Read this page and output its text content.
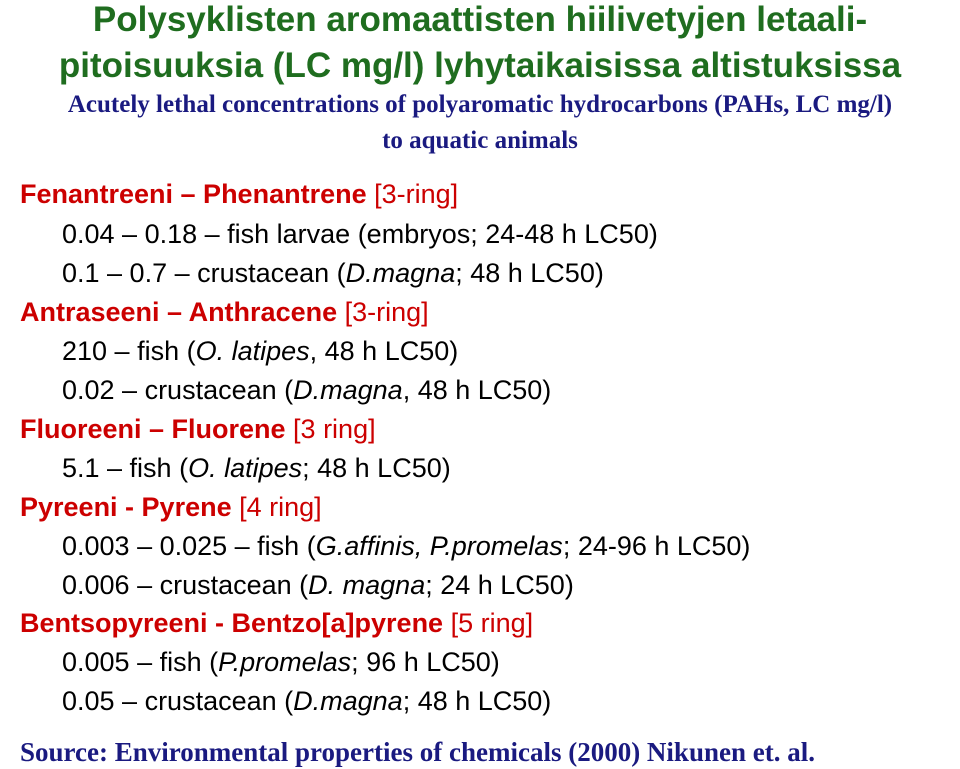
Polysyklisten aromaattisten hiilivetyjen letaali-
pitoisuuksia (LC mg/l) lyhytaikaisissa altistuksissa
Acutely lethal concentrations of polyaromatic hydrocarbons (PAHs, LC mg/l)
to aquatic animals
Fenantreeni – Phenantrene [3-ring]
0.04 – 0.18 – fish larvae (embryos; 24-48 h LC50)
0.1 – 0.7 – crustacean (D.magna; 48 h LC50)
Antraseeni – Anthracene [3-ring]
210 – fish (O. latipes, 48 h LC50)
0.02 – crustacean (D.magna, 48 h LC50)
Fluoreeni – Fluorene [3 ring]
5.1 – fish (O. latipes; 48 h LC50)
Pyreeni - Pyrene [4 ring]
0.003 – 0.025 – fish (G.affinis, P.promelas; 24-96 h LC50)
0.006 – crustacean (D. magna; 24 h LC50)
Bentsopyreeni - Bentzo[a]pyrene [5 ring]
0.005 – fish (P.promelas; 96 h LC50)
0.05 – crustacean (D.magna; 48 h LC50)
Source: Environmental properties of chemicals (2000) Nikunen et. al.
